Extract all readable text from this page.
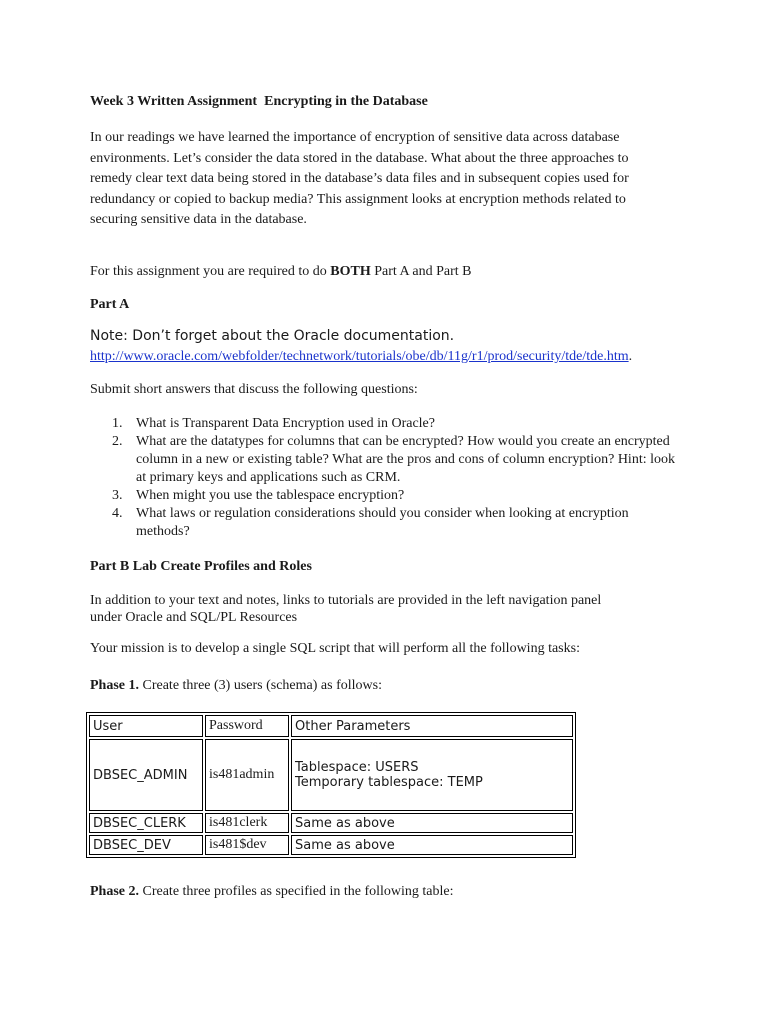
Week 3 Written Assignment Encrypting in the Database
In our readings we have learned the importance of encryption of sensitive data across database
environments. Let’s consider the data stored in the database. What about the three approaches to
remedy clear text data being stored in the database’s data files and in subsequent copies used for
redundancy or copied to backup media? This assignment looks at encryption methods related to
securing sensitive data in the database.
For this assignment you are required to do BOTH Part A and Part B
Part A
Note: Don’t forget about the Oracle documentation.
http://www.oracle.com/webfolder/technetwork/tutorials/obe/db/11g/r1/prod/security/tde/tde.htm.
Submit short answers that discuss the following questions:
1. What is Transparent Data Encryption used in Oracle?
2. What are the datatypes for columns that can be encrypted? How would you create an encrypted column in a new or existing table? What are the pros and cons of column encryption? Hint: look at primary keys and applications such as CRM.
3. When might you use the tablespace encryption?
4. What laws or regulation considerations should you consider when looking at encryption methods?
Part B Lab Create Profiles and Roles
In addition to your text and notes, links to tutorials are provided in the left navigation panel
under Oracle and SQL/PL Resources
Your mission is to develop a single SQL script that will perform all the following tasks:
Phase 1. Create three (3) users (schema) as follows:
Phase 2. Create three profiles as specified in the following table:
User	Password	Other Parameters
DBSEC_ADMIN	is481admin	Tablespace: USERS
Temporary tablespace: TEMP

DBSEC_CLERK	is481clerk	Same as above
DBSEC_DEV	is481$dev	Same as above
